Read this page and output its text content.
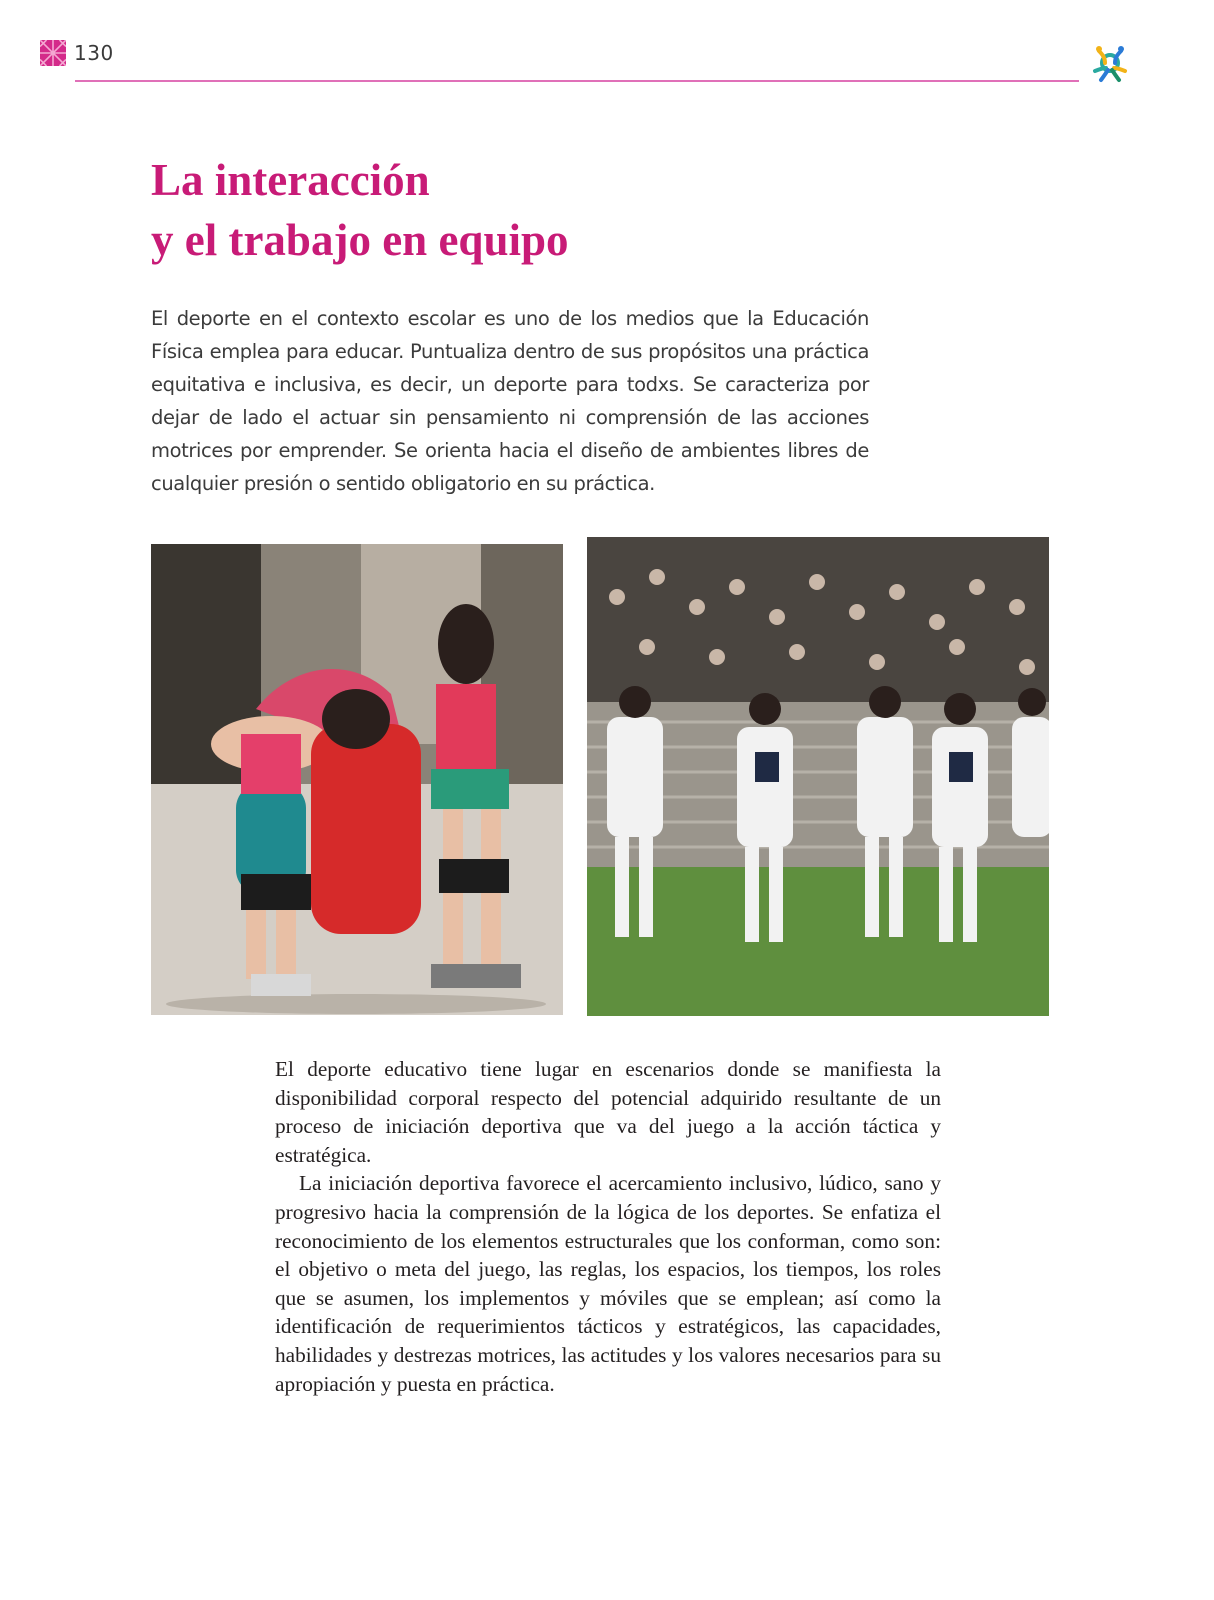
130
La interacción
y el trabajo en equipo

El deporte en el contexto escolar es uno de los medios que la Educación Física emplea para educar. Puntualiza dentro de sus propósitos una práctica equitativa e inclusiva, es decir, un deporte para todxs. Se caracteriza por dejar de lado el actuar sin pensamiento ni comprensión de las acciones motrices por emprender. Se orienta hacia el diseño de ambientes libres de cualquier presión o sentido obligatorio en su práctica.

El deporte educativo tiene lugar en escenarios donde se manifiesta la disponibilidad corporal respecto del potencial adquirido resultante de un proceso de iniciación deportiva que va del juego a la acción táctica y estratégica.

La iniciación deportiva favorece el acercamiento inclusivo, lúdico, sano y progresivo hacia la comprensión de la lógica de los deportes. Se enfatiza el reconocimiento de los elementos estructurales que los conforman, como son: el objetivo o meta del juego, las reglas, los espacios, los tiempos, los roles que se asumen, los implementos y móviles que se emplean; así como la identificación de requerimientos tácticos y estratégicos, las capacidades, habilidades y destrezas motrices, las actitudes y los valores necesarios para su apropiación y puesta en práctica.
